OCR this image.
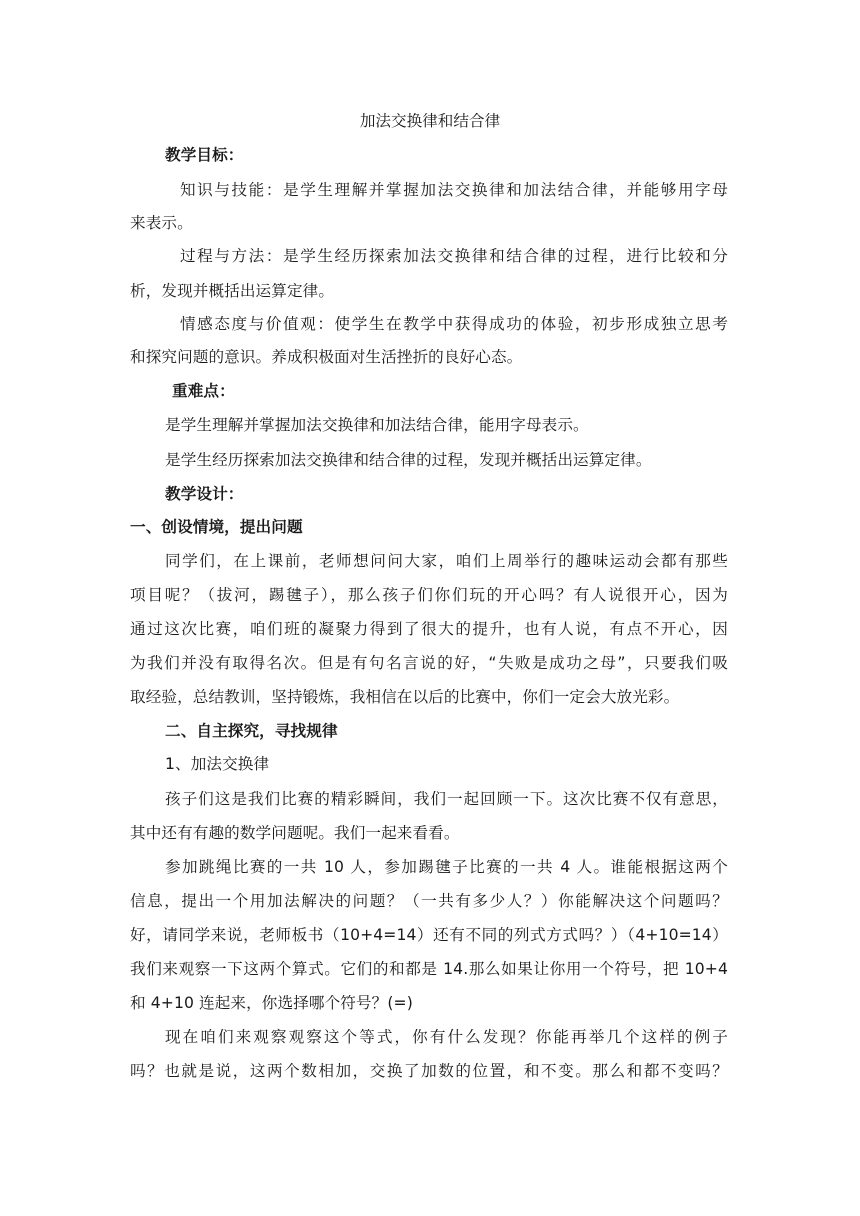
加法交换律和结合律
教学目标：
知识与技能：是学生理解并掌握加法交换律和加法结合律，并能够用字母
来表示。
过程与方法：是学生经历探索加法交换律和结合律的过程，进行比较和分
析，发现并概括出运算定律。
情感态度与价值观：使学生在教学中获得成功的体验，初步形成独立思考
和探究问题的意识。养成积极面对生活挫折的良好心态。
重难点：
是学生理解并掌握加法交换律和加法结合律，能用字母表示。
是学生经历探索加法交换律和结合律的过程，发现并概括出运算定律。
教学设计：
一、创设情境，提出问题
同学们，在上课前，老师想问问大家，咱们上周举行的趣味运动会都有那些
项目呢？（拔河，踢毽子），那么孩子们你们玩的开心吗？有人说很开心，因为
通过这次比赛，咱们班的凝聚力得到了很大的提升，也有人说，有点不开心，因
为我们并没有取得名次。但是有句名言说的好，“失败是成功之母”，只要我们吸
取经验，总结教训，坚持锻炼，我相信在以后的比赛中，你们一定会大放光彩。
二、自主探究，寻找规律
1、加法交换律
孩子们这是我们比赛的精彩瞬间，我们一起回顾一下。这次比赛不仅有意思，
其中还有有趣的数学问题呢。我们一起来看看。
参加跳绳比赛的一共 10 人，参加踢毽子比赛的一共 4 人。谁能根据这两个
信息，提出一个用加法解决的问题？（一共有多少人？）你能解决这个问题吗？
好，请同学来说，老师板书（10+4=14）还有不同的列式方式吗？）（4+10=14）
我们来观察一下这两个算式。它们的和都是 14.那么如果让你用一个符号，把 10+4
和 4+10 连起来，你选择哪个符号？(=)
现在咱们来观察观察这个等式，你有什么发现？你能再举几个这样的例子
吗？也就是说，这两个数相加，交换了加数的位置，和不变。那么和都不变吗？
